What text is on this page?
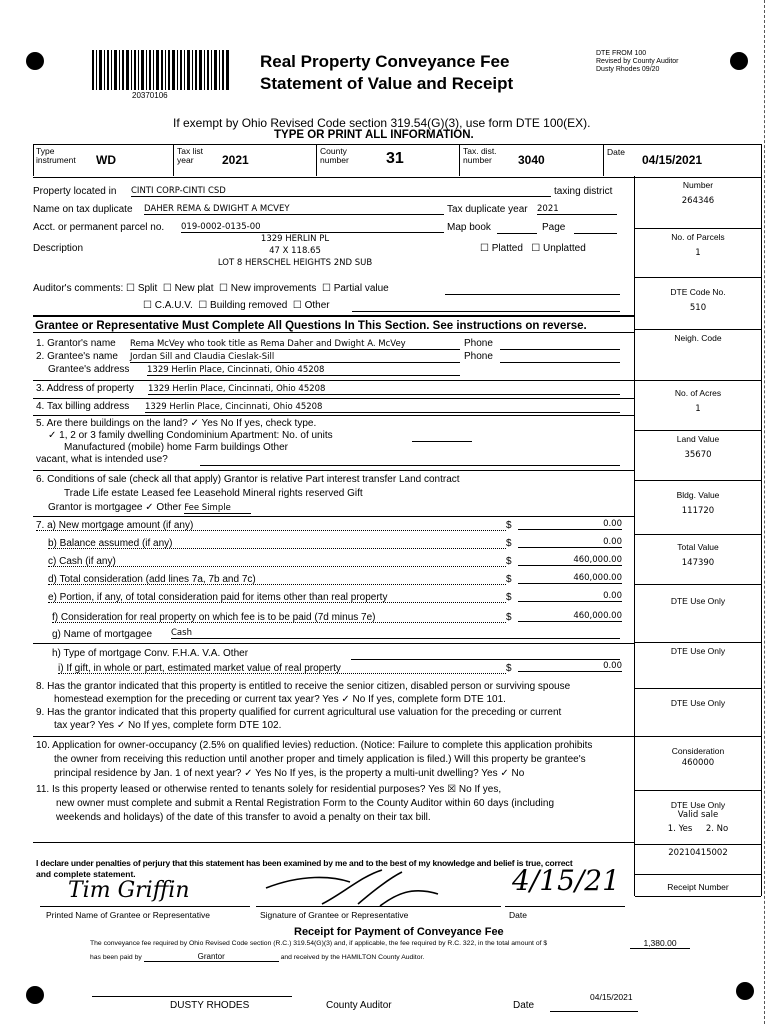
20370106
Real Property Conveyance Fee
Statement of Value and Receipt
DTE FROM 100
Revised by County Auditor
Dusty Rhodes 09/20
If exempt by Ohio Revised Code section 319.54(G)(3), use form DTE 100(EX).
TYPE OR PRINT ALL INFORMATION.
Type instrument	WD
Tax list year	2021
County number	31	Tax. dist. number	3040
Date
04/15/2021
Property located in CINTI CORP-CINTI CSD	taxing district
Name on tax duplicate DAHER REMA & DWIGHT A MCVEY	Tax duplicate year 2021
Acct. or permanent parcel no. 019-0002-0135-00	Map book	Page
Description
1329 HERLIN PL
47 X 118.65
LOT 8 HERSCHEL HEIGHTS 2ND SUB
☐ Platted   ☐ Unplatted
Auditor's comments: ☐ Split  ☐ New plat  ☐ New improvements  ☐ Partial value
☐ C.A.U.V.  ☐ Building removed  ☐ Other
Grantee or Representative Must Complete All Questions In This Section. See instructions on reverse.
1. Grantor's name Rema McVey who took title as Rema Daher and Dwight A. McVey	Phone
2. Grantee's name Jordan Sill and Claudia Cieslak-Sill	Phone
Grantee's address 1329 Herlin Place, Cincinnati, Ohio 45208
3. Address of property 1329 Herlin Place, Cincinnati, Ohio 45208
4. Tax billing address 1329 Herlin Place, Cincinnati, Ohio 45208
5. Are there buildings on the land? ✓ Yes No If yes, check type.
✓ 1, 2 or 3 family dwelling Condominium Apartment: No. of units
Manufactured (mobile) home Farm buildings Other
vacant, what is intended use?
6. Conditions of sale (check all that apply) Grantor is relative Part interest transfer Land contract
Trade Life estate Leased fee Leasehold Mineral rights reserved Gift
Grantor is mortgagee ✓ Other Fee Simple
7. a) New mortgage amount (if any)	$	0.00
b) Balance assumed (if any)	$	0.00
c) Cash (if any)	$	460,000.00
d) Total consideration (add lines 7a, 7b and 7c)	$	460,000.00
e) Portion, if any, of total consideration paid for items other than real property	$	0.00
f) Consideration for real property on which fee is to be paid (7d minus 7e)	$	460,000.00
g) Name of mortgagee Cash
h) Type of mortgage Conv. F.H.A. V.A. Other
i) If gift, in whole or part, estimated market value of real property	$	0.00
8. Has the grantor indicated that this property is entitled to receive the senior citizen, disabled person or surviving spouse
homestead exemption for the preceding or current tax year? Yes ✓ No If yes, complete form DTE 101.
9. Has the grantor indicated that this property qualified for current agricultural use valuation for the preceding or current
tax year? Yes ✓ No If yes, complete form DTE 102.
10. Application for owner-occupancy (2.5% on qualified levies) reduction. (Notice: Failure to complete this application prohibits
the owner from receiving this reduction until another proper and timely application is filed.) Will this property be grantee's
principal residence by Jan. 1 of next year? ✓ Yes No If yes, is the property a multi-unit dwelling? Yes ✓ No
11. Is this property leased or otherwise rented to tenants solely for residential purposes? Yes ☒ No If yes,
new owner must complete and submit a Rental Registration Form to the County Auditor within 60 days (including
weekends and holidays) of the date of this transfer to avoid a penalty on their tax bill.
I declare under penalties of perjury that this statement has been examined by me and to the best of my knowledge and belief is true, correct
and complete statement.
Tim Griffin	4/15/21
Printed Name of Grantee or Representative	Signature of Grantee or Representative	Date
Receipt for Payment of Conveyance Fee
The conveyance fee required by Ohio Revised Code section (R.C.) 319.54(G)(3) and, if applicable, the fee required by R.C. 322, in the total amount of $	1,380.00
has been paid by	Grantor	and received by the HAMILTON County Auditor.
DUSTY RHODES	County Auditor	Date
04/15/2021
Number
264346
No. of Parcels
1
DTE Code No.
510
Neigh. Code
No. of Acres
1
Land Value
35670
Bldg. Value
111720
Total Value
147390
DTE Use Only
DTE Use Only
DTE Use Only
Consideration
460000
DTE Use Only
Valid sale
1. Yes 2. No
20210415002
Receipt Number
